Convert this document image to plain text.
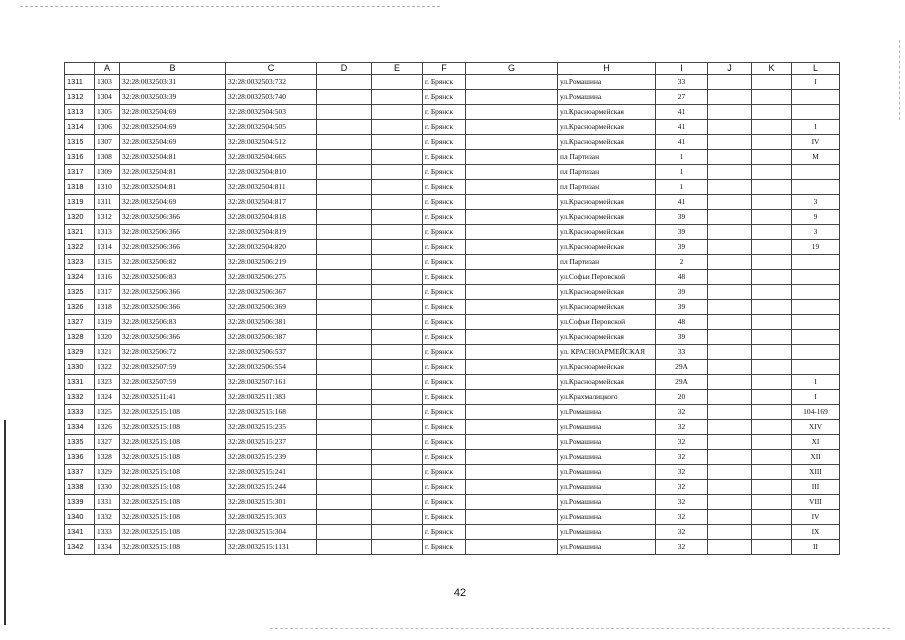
	A	B	C	D	E	F	G	H	I	J	K	L
1311	1303	32:28:0032503:31	32:28:0032503:732			г. Брянск		ул.Ромашина	33			I
1312	1304	32:28:0032503:39	32:28:0032503:740			г. Брянск		ул.Ромашина	27			
1313	1305	32:28:0032504:69	32:28:0032504:503			г. Брянск		ул.Красноармейская	41			
1314	1306	32:28:0032504:69	32:28:0032504:505			г. Брянск		ул.Красноармейская	41			I
1315	1307	32:28:0032504:69	32:28:0032504:512			г. Брянск		ул.Красноармейская	41			IV
1316	1308	32:28:0032504:81	32:28:0032504:665			г. Брянск		пл Партизан	1			M
1317	1309	32:28:0032504:81	32:28:0032504:810			г. Брянск		пл Партизан	1			
1318	1310	32:28:0032504:81	32:28:0032504:811			г. Брянск		пл Партизан	1			
1319	1311	32:28:0032504:69	32:28:0032504:817			г. Брянск		ул.Красноармейская	41			3
1320	1312	32:28:0032506:366	32:28:0032504:818			г. Брянск		ул.Красноармейская	39			9
1321	1313	32:28:0032506:366	32:28:0032504:819			г. Брянск		ул.Красноармейская	39			3
1322	1314	32:28:0032506:366	32:28:0032504:820			г. Брянск		ул.Красноармейская	39			19
1323	1315	32:28:0032506:82	32:28:0032506:219			г. Брянск		пл Партизан	2			
1324	1316	32:28:0032506:83	32:28:0032506:275			г. Брянск		ул.Софьи Перовской	48			
1325	1317	32:28:0032506:366	32:28:0032506:367			г. Брянск		ул.Красноармейская	39			
1326	1318	32:28:0032506:366	32:28:0032506:369			г. Брянск		ул.Красноармейская	39			
1327	1319	32:28:0032506:83	32:28:0032506:381			г. Брянск		ул.Софьи Перовской	48			
1328	1320	32:28:0032506:366	32:28:0032506:387			г. Брянск		ул.Красноармейская	39			
1329	1321	32:28:0032506:72	32:28:0032506:537			г. Брянск		ул. КРАСНОАРМЕЙСКАЯ	33			
1330	1322	32:28:0032507:59	32:28:0032506:554			г. Брянск		ул.Красноармейская	29А			
1331	1323	32:28:0032507:59	32:28:0032507:161			г. Брянск		ул.Красноармейская	29А			I
1332	1324	32:28:0032511:41	32:28:0032511:383			г. Брянск		ул.Крахмалицкого	20			I
1333	1325	32:28:0032515:108	32:28:0032515:168			г. Брянск		ул.Ромашина	32			104-169
1334	1326	32:28:0032515:108	32:28:0032515:235			г. Брянск		ул.Ромашина	32			XIV
1335	1327	32:28:0032515:108	32:28:0032515:237			г. Брянск		ул.Ромашина	32			XI
1336	1328	32:28:0032515:108	32:28:0032515:239			г. Брянск		ул.Ромашина	32			XII
1337	1329	32:28:0032515:108	32:28:0032515:241			г. Брянск		ул.Ромашина	32			XIII
1338	1330	32:28:0032515:108	32:28:0032515:244			г. Брянск		ул.Ромашина	32			III
1339	1331	32:28:0032515:108	32:28:0032515:301			г. Брянск		ул.Ромашина	32			VIII
1340	1332	32:28:0032515:108	32:28:0032515:303			г. Брянск		ул.Ромашина	32			IV
1341	1333	32:28:0032515:108	32:28:0032515:304			г. Брянск		ул.Ромашина	32			IX
1342	1334	32:28:0032515:108	32:28:0032515:1131			г. Брянск		ул.Ромашина	32			II
42
